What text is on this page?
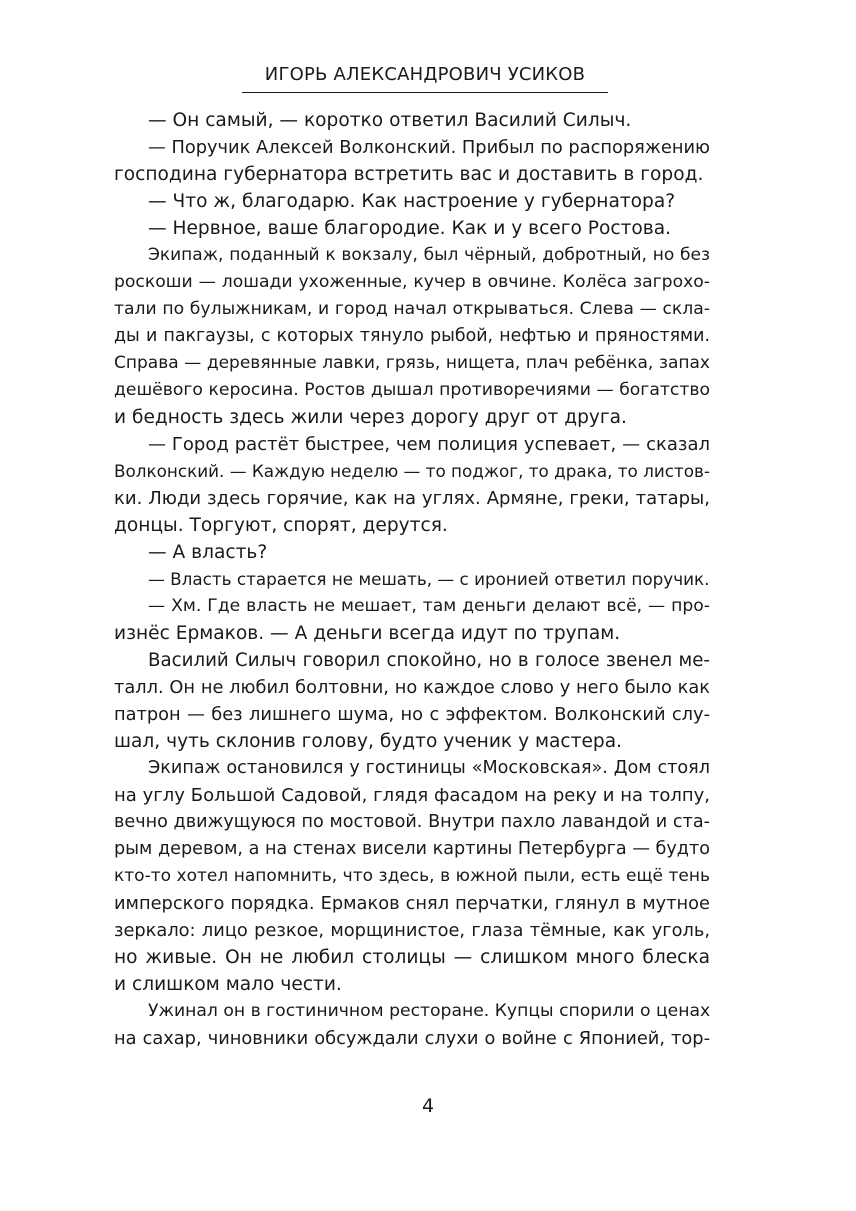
ИГОРЬ АЛЕКСАНДРОВИЧ УСИКОВ
— Он самый, — коротко ответил Василий Силыч.
— Поручик Алексей Волконский. Прибыл по распоряжению
господина губернатора встретить вас и доставить в город.
— Что ж, благодарю. Как настроение у губернатора?
— Нервное, ваше благородие. Как и у всего Ростова.
Экипаж, поданный к вокзалу, был чёрный, добротный, но без
роскоши — лошади ухоженные, кучер в овчине. Колёса загрохо-
тали по булыжникам, и город начал открываться. Слева — скла-
ды и пакгаузы, с которых тянуло рыбой, нефтью и пряностями.
Справа — деревянные лавки, грязь, нищета, плач ребёнка, запах
дешёвого керосина. Ростов дышал противоречиями — богатство
и бедность здесь жили через дорогу друг от друга.
— Город растёт быстрее, чем полиция успевает, — сказал
Волконский. — Каждую неделю — то поджог, то драка, то листов-
ки. Люди здесь горячие, как на углях. Армяне, греки, татары,
донцы. Торгуют, спорят, дерутся.
— А власть?
— Власть старается не мешать, — с иронией ответил поручик.
— Хм. Где власть не мешает, там деньги делают всё, — про-
изнёс Ермаков. — А деньги всегда идут по трупам.
Василий Силыч говорил спокойно, но в голосе звенел ме-
талл. Он не любил болтовни, но каждое слово у него было как
патрон — без лишнего шума, но с эффектом. Волконский слу-
шал, чуть склонив голову, будто ученик у мастера.
Экипаж остановился у гостиницы «Московская». Дом стоял
на углу Большой Садовой, глядя фасадом на реку и на толпу,
вечно движущуюся по мостовой. Внутри пахло лавандой и ста-
рым деревом, а на стенах висели картины Петербурга — будто
кто-то хотел напомнить, что здесь, в южной пыли, есть ещё тень
имперского порядка. Ермаков снял перчатки, глянул в мутное
зеркало: лицо резкое, морщинистое, глаза тёмные, как уголь,
но живые. Он не любил столицы — слишком много блеска
и слишком мало чести.
Ужинал он в гостиничном ресторане. Купцы спорили о ценах
на сахар, чиновники обсуждали слухи о войне с Японией, тор-
4
